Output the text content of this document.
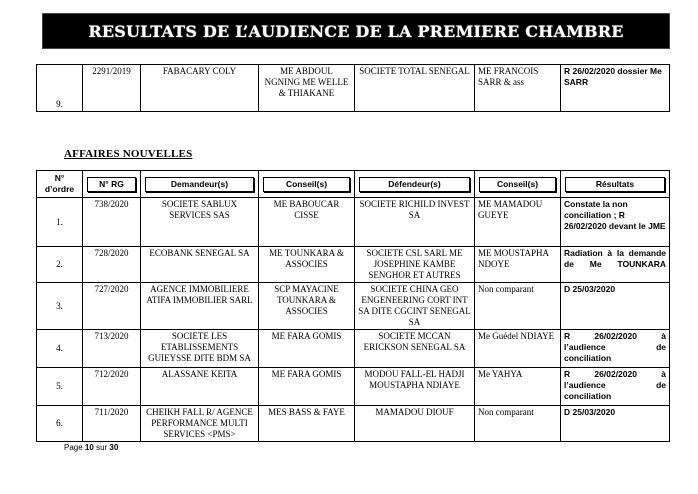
RESULTATS DE L’AUDIENCE DE LA PREMIERE CHAMBRE
9.	2291/2019	FABACARY COLY	ME ABDOUL NGNING ME WELLE & THIAKANE	SOCIETE TOTAL SENEGAL	ME FRANCOIS SARR & ass	R 26/02/2020 dossier Me SARR
AFFAIRES NOUVELLES
N° d’ordre	N° RG	Demandeur(s)	Conseil(s)	Défendeur(s)	Conseil(s)	Résultats

1.	738/2020	SOCIETE SABLUX SERVICES SAS	ME BABOUCAR CISSE	SOCIETE RICHILD INVEST SA	ME MAMADOU GUEYE	Constate la non conciliation ; R 26/02/2020 devant le JME
2.	728/2020	ECOBANK SENEGAL SA	ME TOUNKARA & ASSOCIES	SOCIETE CSL SARL ME JOSEPHINE KAMBE SENGHOR ET AUTRES	ME MOUSTAPHA NDOYE	Radiation à la demande de Me TOUNKARA
3.	727/2020	AGENCE IMMOBILIERE ATIFA IMMOBILIER SARL	SCP MAYACINE TOUNKARA & ASSOCIES	SOCIETE CHINA GEO ENGENEERING CORT INT SA DITE CGCINT SENEGAL SA	Non comparant	D 25/03/2020
4.	713/2020	SOCIETE LES ETABLISSEMENTS GUIEYSSE DITE BDM SA	ME FARA GOMIS	SOCIETE MCCAN ERICKSON SENEGAL SA	Me Guédel NDIAYE	R 26/02/2020 à l’audience de conciliation
5.	712/2020	ALASSANE KEITA	ME FARA GOMIS	MODOU FALL-EL HADJI MOUSTAPHA NDIAYE	Me YAHYA	R 26/02/2020 à l’audience de conciliation
6.	711/2020	CHEIKH FALL R/ AGENCE PERFORMANCE MULTI SERVICES <PMS>	MES BASS & FAYE	MAMADOU DIOUF	Non comparant	D 25/03/2020
Page 10 sur 30
